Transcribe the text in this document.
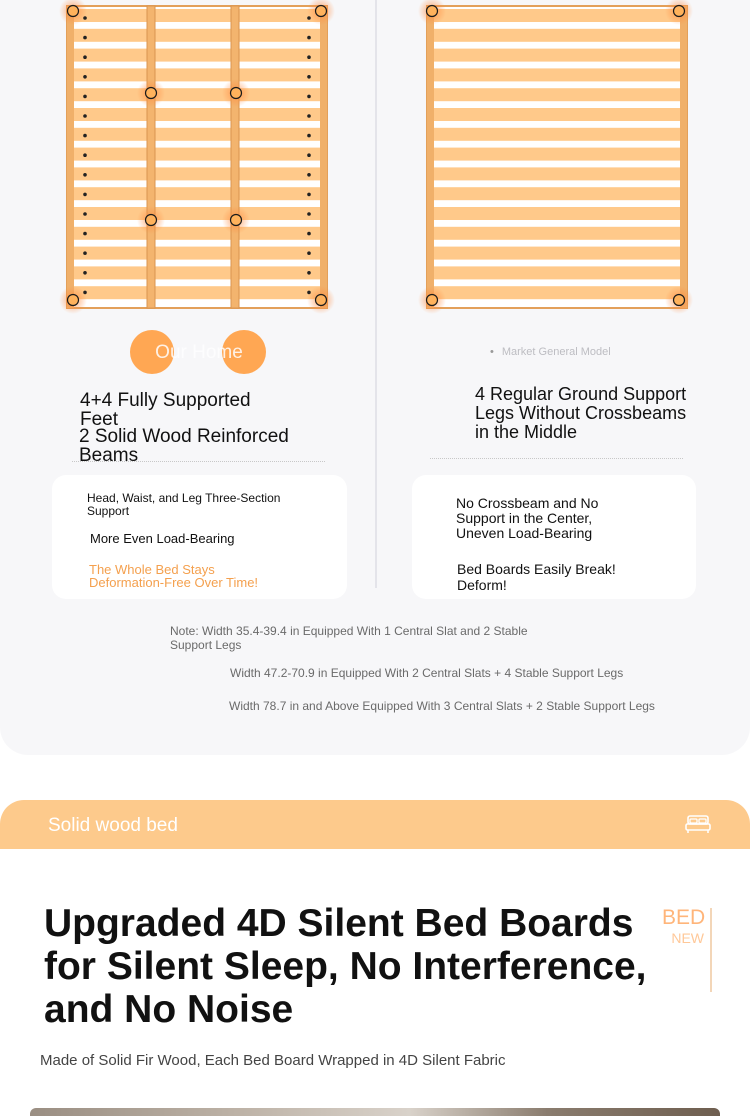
Our Home
•	Market General Model
4+4 Fully Supported Feet
2 Solid Wood Reinforced Beams
4 Regular Ground Support Legs Without Crossbeams in the Middle
Head, Waist, and Leg Three-Section Support
More Even Load-Bearing
The Whole Bed Stays Deformation-Free Over Time!
No Crossbeam and No Support in the Center, Uneven Load-Bearing
Bed Boards Easily Break! Deform!
Note: Width 35.4-39.4 in Equipped With 1 Central Slat and 2 Stable Support Legs
Width 47.2-70.9 in Equipped With 2 Central Slats + 4 Stable Support Legs
Width 78.7 in and Above Equipped With 3 Central Slats + 2 Stable Support Legs
Solid wood bed
Upgraded 4D Silent Bed Boards for Silent Sleep, No Interference, and No Noise
BED
NEW
Made of Solid Fir Wood, Each Bed Board Wrapped in 4D Silent Fabric
